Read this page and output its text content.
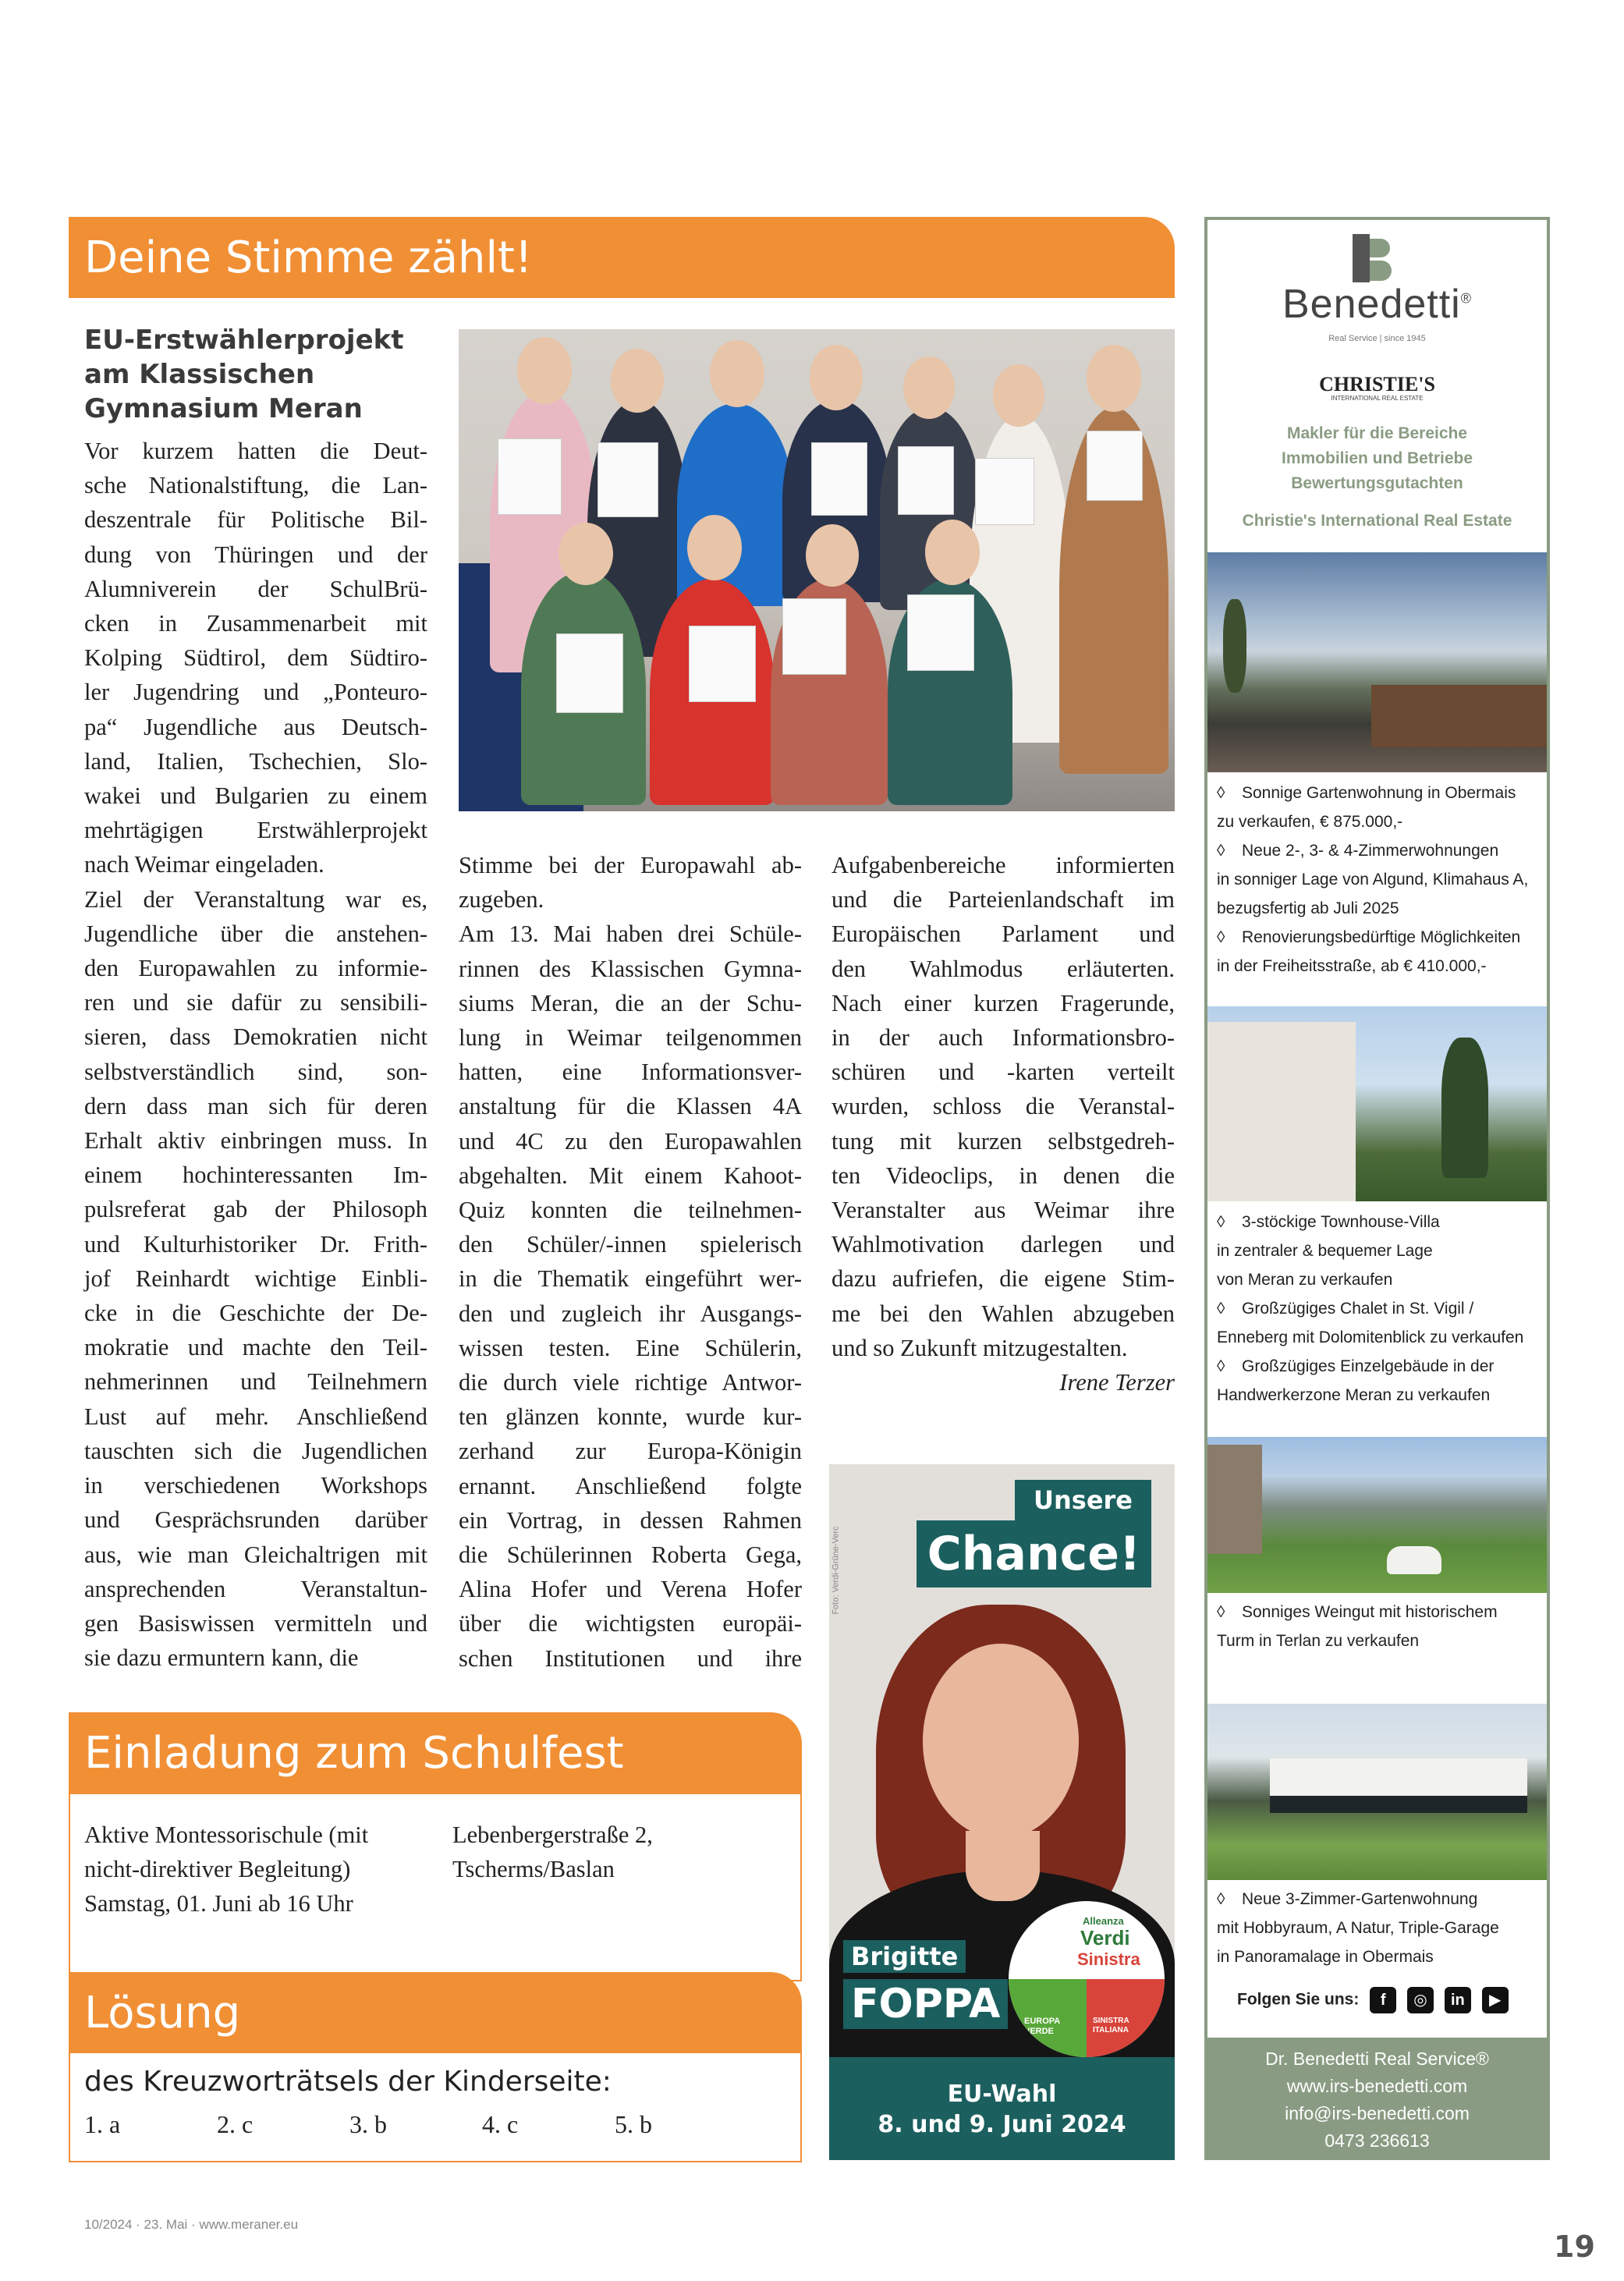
Deine Stimme zählt!
EU-Erstwählerprojekt am Klassischen Gymnasium Meran
Vor kurzem hatten die Deut-
sche Nationalstiftung, die Lan-
deszentrale für Politische Bil-
dung von Thüringen und der
Alumniverein der SchulBrü-
cken in Zusammenarbeit mit
Kolping Südtirol, dem Südtiro-
ler Jugendring und „Ponteuro-
pa“ Jugendliche aus Deutsch-
land, Italien, Tschechien, Slo-
wakei und Bulgarien zu einem
mehrtägigen Erstwählerprojekt
nach Weimar eingeladen.
Ziel der Veranstaltung war es,
Jugendliche über die anstehen-
den Europawahlen zu informie-
ren und sie dafür zu sensibili-
sieren, dass Demokratien nicht
selbstverständlich sind, son-
dern dass man sich für deren
Erhalt aktiv einbringen muss. In
einem hochinteressanten Im-
pulsreferat gab der Philosoph
und Kulturhistoriker Dr. Frith-
jof Reinhardt wichtige Einbli-
cke in die Geschichte der De-
mokratie und machte den Teil-
nehmerinnen und Teilnehmern
Lust auf mehr. Anschließend
tauschten sich die Jugendlichen
in verschiedenen Workshops
und Gesprächsrunden darüber
aus, wie man Gleichaltrigen mit
ansprechenden Veranstaltun-
gen Basiswissen vermitteln und
sie dazu ermuntern kann, die
Stimme bei der Europawahl ab-
zugeben.
Am 13. Mai haben drei Schüle-
rinnen des Klassischen Gymna-
siums Meran, die an der Schu-
lung in Weimar teilgenommen
hatten, eine Informationsver-
anstaltung für die Klassen 4A
und 4C zu den Europawahlen
abgehalten. Mit einem Kahoot-
Quiz konnten die teilnehmen-
den Schüler/-innen spielerisch
in die Thematik eingeführt wer-
den und zugleich ihr Ausgangs-
wissen testen. Eine Schülerin,
die durch viele richtige Antwor-
ten glänzen konnte, wurde kur-
zerhand zur Europa-Königin
ernannt. Anschließend folgte
ein Vortrag, in dessen Rahmen
die Schülerinnen Roberta Gega,
Alina Hofer und Verena Hofer
über die wichtigsten europäi-
schen Institutionen und ihre
Aufgabenbereiche informierten
und die Parteienlandschaft im
Europäischen Parlament und
den Wahlmodus erläuterten.
Nach einer kurzen Fragerunde,
in der auch Informationsbro-
schüren und -karten verteilt
wurden, schloss die Veranstal-
tung mit kurzen selbstgedreh-
ten Videoclips, in denen die
Veranstalter aus Weimar ihre
Wahlmotivation darlegen und
dazu aufriefen, die eigene Stim-
me bei den Wahlen abzugeben
und so Zukunft mitzugestalten.
Irene Terzer
Einladung zum Schulfest
Aktive Montessorischule (mit
nicht-direktiver Begleitung)
Samstag, 01. Juni ab 16 Uhr
Lebenbergerstraße 2,
Tscherms/Baslan
Lösung
des Kreuzworträtsels der Kinderseite:
1. a	2. c	3. b	4. c	5. b
Foto: Verdi-Grüne-Verc
Unsere
Chance!
Brigitte
FOPPA
Alleanza
Verdi
Sinistra
EUROPA VERDE
SINISTRA ITALIANA
EU-Wahl
8. und 9. Juni 2024
Benedetti®
Real Service | since 1945
CHRISTIE'S
INTERNATIONAL REAL ESTATE
Makler für die Bereiche
Immobilien und Betriebe
Bewertungsgutachten
Christie's International Real Estate
◊ Sonnige Gartenwohnung in Obermais
zu verkaufen, € 875.000,-
◊ Neue 2-, 3- & 4-Zimmerwohnungen
in sonniger Lage von Algund, Klimahaus A,
bezugsfertig ab Juli 2025
◊ Renovierungsbedürftige Möglichkeiten
in der Freiheitsstraße, ab € 410.000,-
◊ 3-stöckige Townhouse-Villa
in zentraler & bequemer Lage
von Meran zu verkaufen
◊ Großzügiges Chalet in St. Vigil /
Enneberg mit Dolomitenblick zu verkaufen
◊ Großzügiges Einzelgebäude in der
Handwerkerzone Meran zu verkaufen
◊ Sonniges Weingut mit historischem
Turm in Terlan zu verkaufen
◊ Neue 3-Zimmer-Gartenwohnung
mit Hobbyraum, A Natur, Triple-Garage
in Panoramalage in Obermais
Folgen Sie uns: f ◎ in ▶
Dr. Benedetti Real Service®
www.irs-benedetti.com
info@irs-benedetti.com
0473 236613
10/2024 · 23. Mai · www.meraner.eu
19
